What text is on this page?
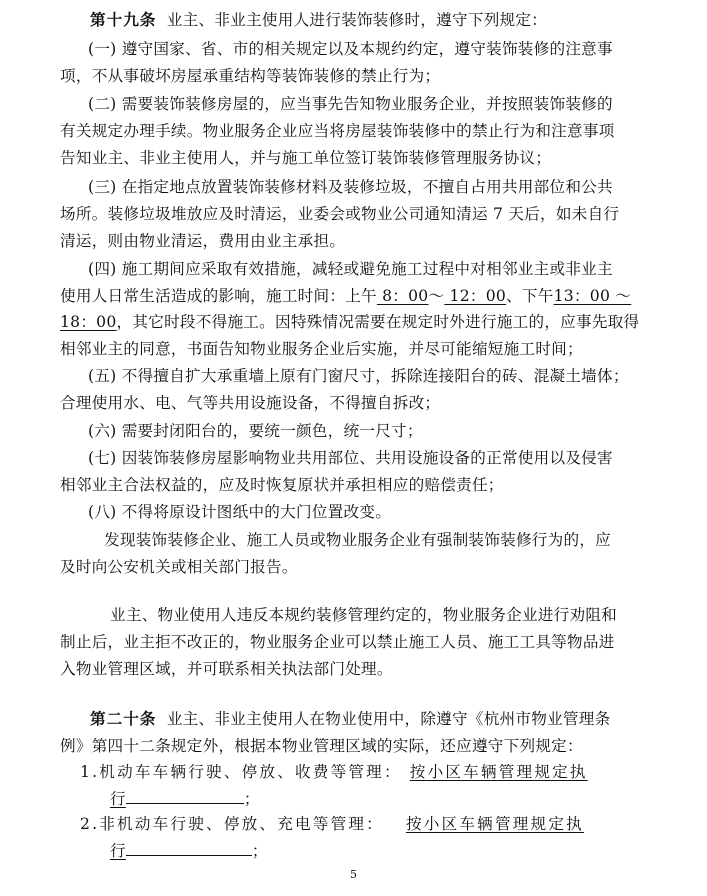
第十九条 业主、非业主使用人进行装饰装修时，遵守下列规定：
(一) 遵守国家、省、市的相关规定以及本规约约定，遵守装饰装修的注意事
项，不从事破坏房屋承重结构等装饰装修的禁止行为；
(二) 需要装饰装修房屋的，应当事先告知物业服务企业，并按照装饰装修的
有关规定办理手续。物业服务企业应当将房屋装饰装修中的禁止行为和注意事项
告知业主、非业主使用人，并与施工单位签订装饰装修管理服务协议；
(三) 在指定地点放置装饰装修材料及装修垃圾，不擅自占用共用部位和公共
场所。装修垃圾堆放应及时清运，业委会或物业公司通知清运 7 天后，如未自行
清运，则由物业清运，费用由业主承担。
(四) 施工期间应采取有效措施，减轻或避免施工过程中对相邻业主或非业主
使用人日常生活造成的影响，施工时间：上午 8：00～ 12：00、下午13：00 ～
18：00，其它时段不得施工。因特殊情况需要在规定时外进行施工的，应事先取得
相邻业主的同意，书面告知物业服务企业后实施，并尽可能缩短施工时间；
(五) 不得擅自扩大承重墙上原有门窗尺寸，拆除连接阳台的砖、混凝土墙体；
合理使用水、电、气等共用设施设备，不得擅自拆改；
(六) 需要封闭阳台的，要统一颜色，统一尺寸；
(七) 因装饰装修房屋影响物业共用部位、共用设施设备的正常使用以及侵害
相邻业主合法权益的，应及时恢复原状并承担相应的赔偿责任；
(八) 不得将原设计图纸中的大门位置改变。
发现装饰装修企业、施工人员或物业服务企业有强制装饰装修行为的，应
及时向公安机关或相关部门报告。
业主、物业使用人违反本规约装修管理约定的，物业服务企业进行劝阻和
制止后，业主拒不改正的，物业服务企业可以禁止施工人员、施工工具等物品进
入物业管理区域，并可联系相关执法部门处理。
第二十条 业主、非业主使用人在物业使用中，除遵守《杭州市物业管理条
例》第四十二条规定外，根据本物业管理区域的实际，还应遵守下列规定：
1.机动车车辆行驶、停放、收费等管理： 按小区车辆管理规定执
行	；
2.非机动车行驶、停放、充电等管理： 按小区车辆管理规定执
行	；
5
